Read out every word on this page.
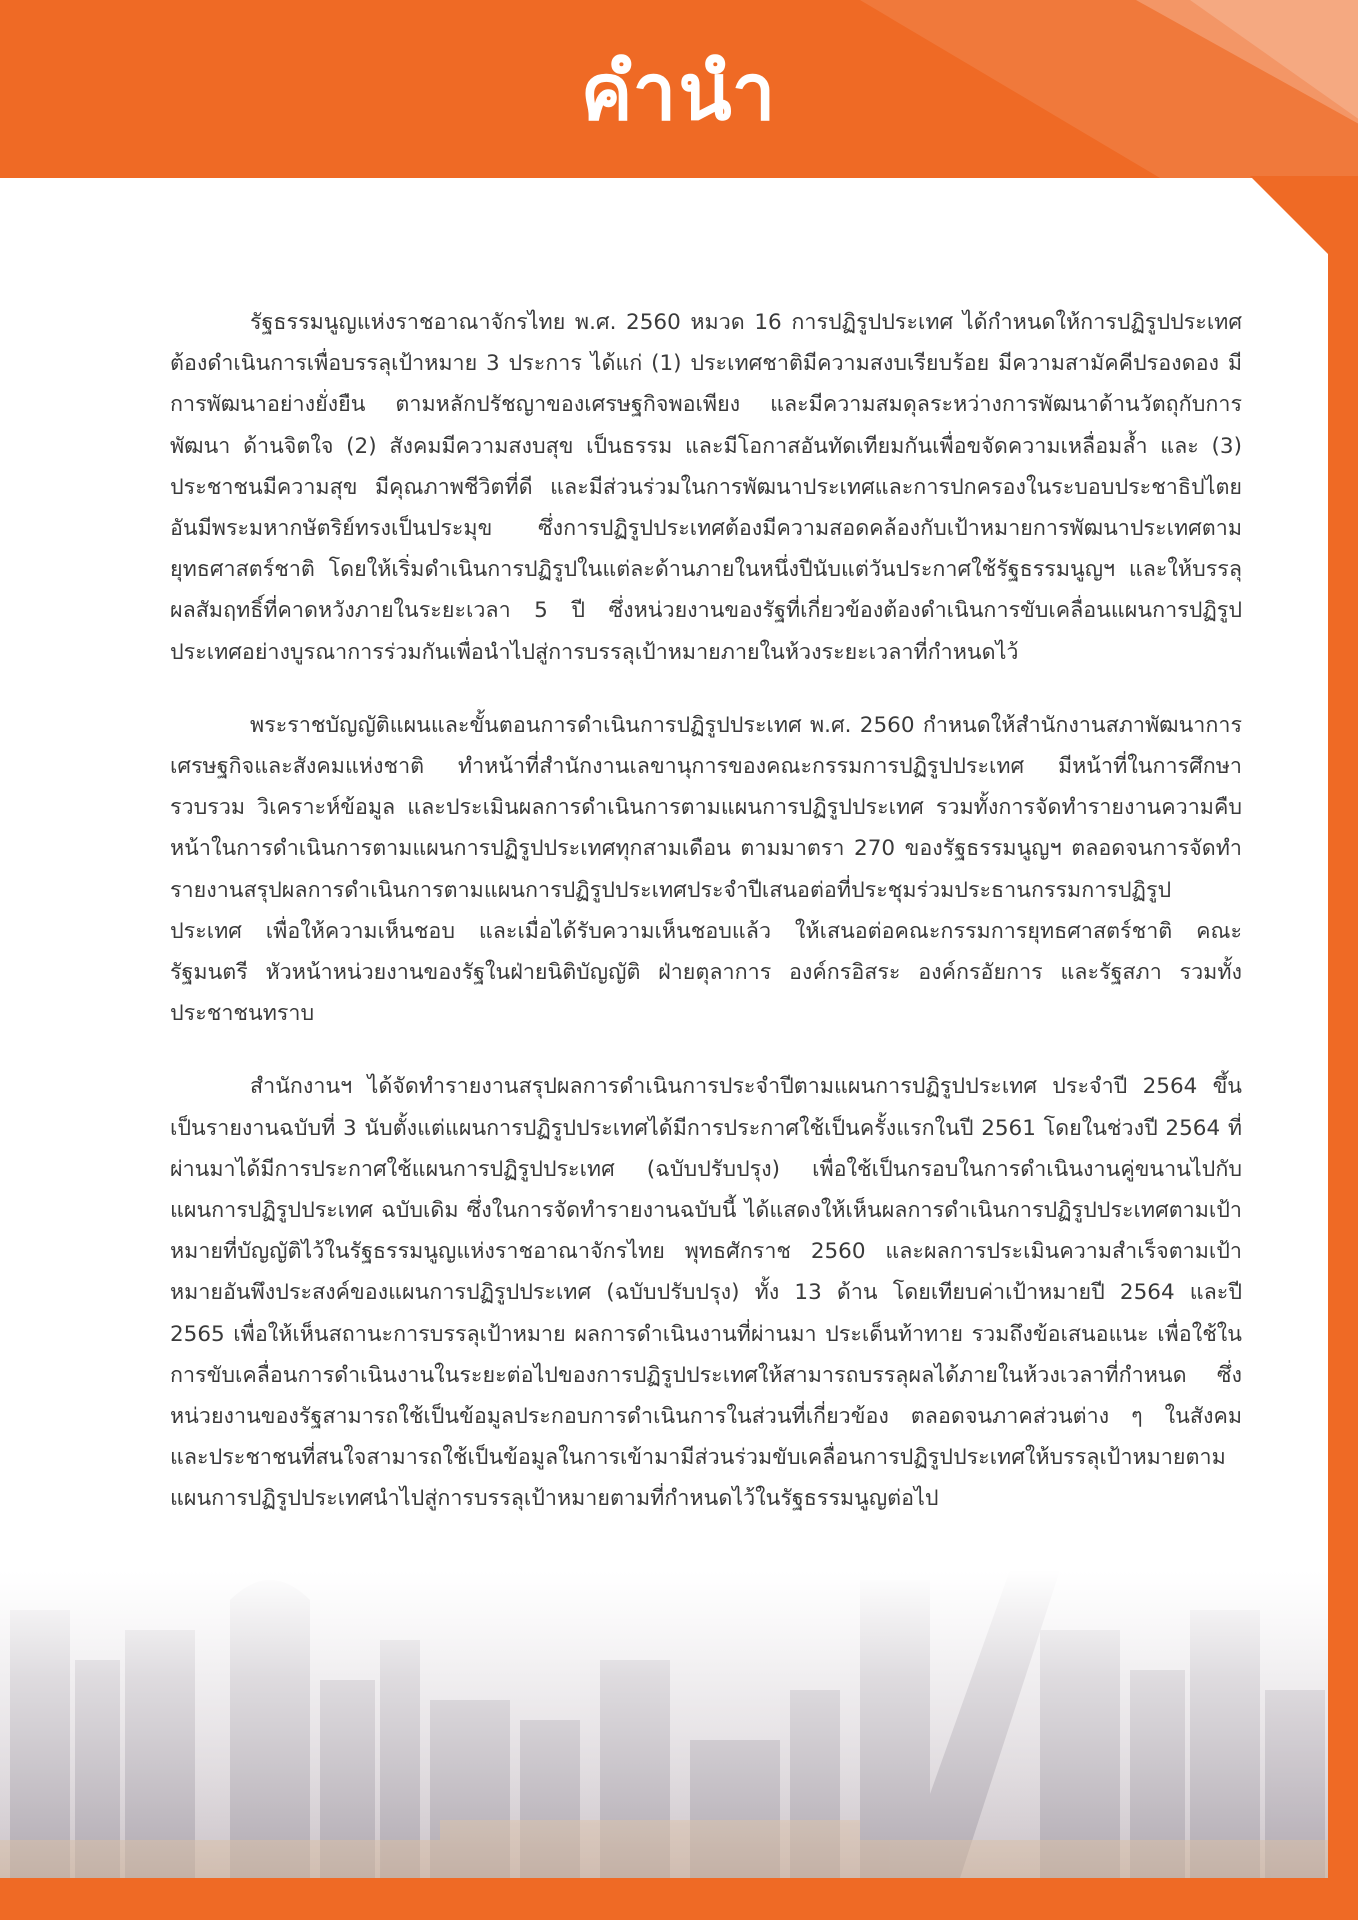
คำนำ

รัฐธรรมนูญแห่งราชอาณาจักรไทย พ.ศ. 2560 หมวด 16 การปฏิรูปประเทศ ได้กำหนดให้การปฏิรูปประเทศต้องดำเนินการเพื่อบรรลุเป้าหมาย 3 ประการ ได้แก่ (1) ประเทศชาติมีความสงบเรียบร้อย มีความสามัคคีปรองดอง มีการพัฒนาอย่างยั่งยืน ตามหลักปรัชญาของเศรษฐกิจพอเพียง และมีความสมดุลระหว่างการพัฒนาด้านวัตถุกับการพัฒนา ด้านจิตใจ (2) สังคมมีความสงบสุข เป็นธรรม และมีโอกาสอันทัดเทียมกันเพื่อขจัดความเหลื่อมล้ำ และ (3) ประชาชนมีความสุข มีคุณภาพชีวิตที่ดี และมีส่วนร่วมในการพัฒนาประเทศและการปกครองในระบอบประชาธิปไตยอันมีพระมหากษัตริย์ทรงเป็นประมุข ซึ่งการปฏิรูปประเทศต้องมีความสอดคล้องกับเป้าหมายการพัฒนาประเทศตามยุทธศาสตร์ชาติ โดยให้เริ่มดำเนินการปฏิรูปในแต่ละด้านภายในหนึ่งปีนับแต่วันประกาศใช้รัฐธรรมนูญฯ และให้บรรลุผลสัมฤทธิ์ที่คาดหวังภายในระยะเวลา 5 ปี ซึ่งหน่วยงานของรัฐที่เกี่ยวข้องต้องดำเนินการขับเคลื่อนแผนการปฏิรูปประเทศอย่างบูรณาการร่วมกันเพื่อนำไปสู่การบรรลุเป้าหมายภายในห้วงระยะเวลาที่กำหนดไว้

พระราชบัญญัติแผนและขั้นตอนการดำเนินการปฏิรูปประเทศ พ.ศ. 2560 กำหนดให้สำนักงานสภาพัฒนาการเศรษฐกิจและสังคมแห่งชาติ ทำหน้าที่สำนักงานเลขานุการของคณะกรรมการปฏิรูปประเทศ มีหน้าที่ในการศึกษา รวบรวม วิเคราะห์ข้อมูล และประเมินผลการดำเนินการตามแผนการปฏิรูปประเทศ รวมทั้งการจัดทำรายงานความคืบหน้าในการดำเนินการตามแผนการปฏิรูปประเทศทุกสามเดือน ตามมาตรา 270 ของรัฐธรรมนูญฯ ตลอดจนการจัดทำรายงานสรุปผลการดำเนินการตามแผนการปฏิรูปประเทศประจำปีเสนอต่อที่ประชุมร่วมประธานกรรมการปฏิรูปประเทศ เพื่อให้ความเห็นชอบ และเมื่อได้รับความเห็นชอบแล้ว ให้เสนอต่อคณะกรรมการยุทธศาสตร์ชาติ คณะรัฐมนตรี หัวหน้าหน่วยงานของรัฐในฝ่ายนิติบัญญัติ ฝ่ายตุลาการ องค์กรอิสระ องค์กรอัยการ และรัฐสภา รวมทั้งประชาชนทราบ

สำนักงานฯ ได้จัดทำรายงานสรุปผลการดำเนินการประจำปีตามแผนการปฏิรูปประเทศ ประจำปี 2564 ขึ้น เป็นรายงานฉบับที่ 3 นับตั้งแต่แผนการปฏิรูปประเทศได้มีการประกาศใช้เป็นครั้งแรกในปี 2561 โดยในช่วงปี 2564 ที่ผ่านมาได้มีการประกาศใช้แผนการปฏิรูปประเทศ (ฉบับปรับปรุง) เพื่อใช้เป็นกรอบในการดำเนินงานคู่ขนานไปกับแผนการปฏิรูปประเทศ ฉบับเดิม ซึ่งในการจัดทำรายงานฉบับนี้ ได้แสดงให้เห็นผลการดำเนินการปฏิรูปประเทศตามเป้าหมายที่บัญญัติไว้ในรัฐธรรมนูญแห่งราชอาณาจักรไทย พุทธศักราช 2560 และผลการประเมินความสำเร็จตามเป้าหมายอันพึงประสงค์ของแผนการปฏิรูปประเทศ (ฉบับปรับปรุง) ทั้ง 13 ด้าน โดยเทียบค่าเป้าหมายปี 2564 และปี 2565 เพื่อให้เห็นสถานะการบรรลุเป้าหมาย ผลการดำเนินงานที่ผ่านมา ประเด็นท้าทาย รวมถึงข้อเสนอแนะ เพื่อใช้ในการขับเคลื่อนการดำเนินงานในระยะต่อไปของการปฏิรูปประเทศให้สามารถบรรลุผลได้ภายในห้วงเวลาที่กำหนด ซึ่งหน่วยงานของรัฐสามารถใช้เป็นข้อมูลประกอบการดำเนินการในส่วนที่เกี่ยวข้อง ตลอดจนภาคส่วนต่าง ๆ ในสังคม และประชาชนที่สนใจสามารถใช้เป็นข้อมูลในการเข้ามามีส่วนร่วมขับเคลื่อนการปฏิรูปประเทศให้บรรลุเป้าหมายตามแผนการปฏิรูปประเทศนำไปสู่การบรรลุเป้าหมายตามที่กำหนดไว้ในรัฐธรรมนูญต่อไป
